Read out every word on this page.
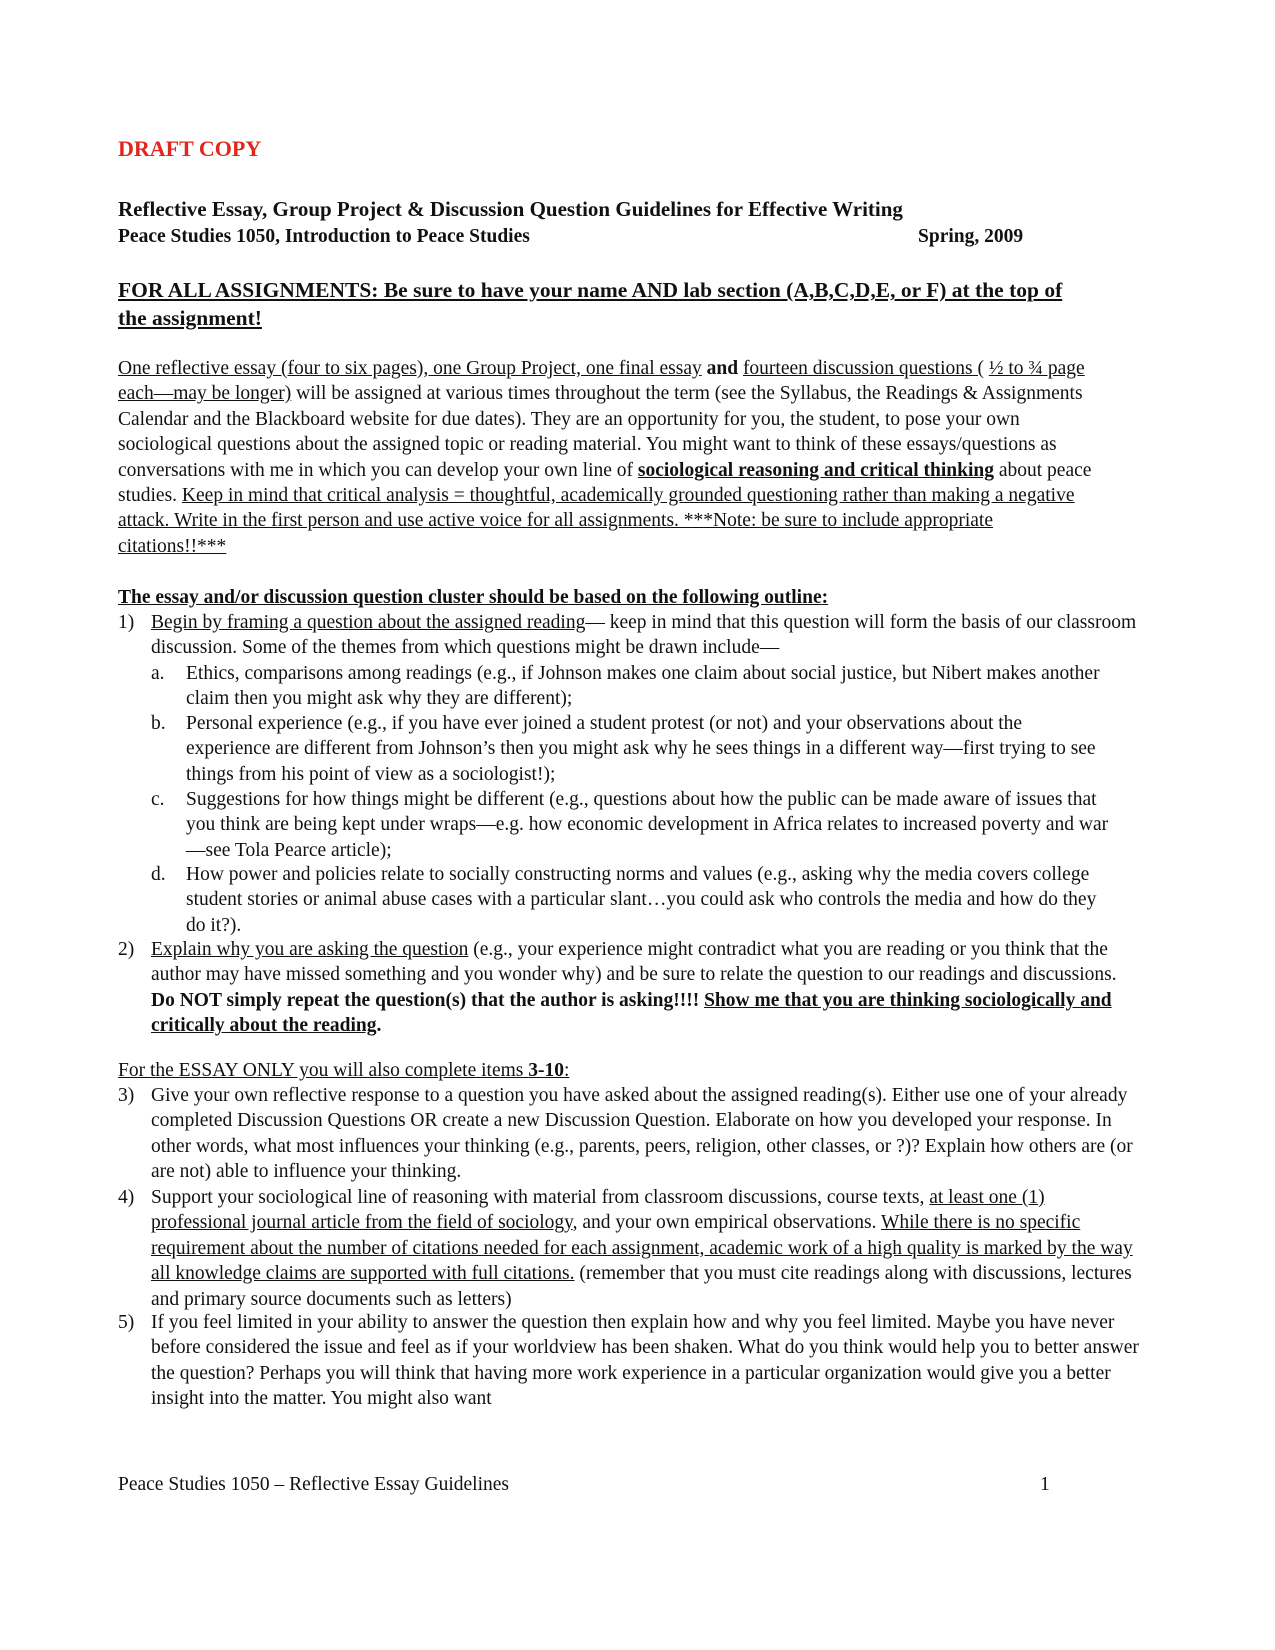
DRAFT COPY
Reflective Essay, Group Project & Discussion Question Guidelines for Effective Writing
Peace Studies 1050, Introduction to Peace Studies	Spring, 2009
FOR ALL ASSIGNMENTS: Be sure to have your name AND lab section (A,B,C,D,E, or F) at the top of the assignment!
One reflective essay (four to six pages), one Group Project, one final essay and fourteen discussion questions ( ½ to ¾ page each—may be longer) will be assigned at various times throughout the term (see the Syllabus, the Readings & Assignments Calendar and the Blackboard website for due dates). They are an opportunity for you, the student, to pose your own sociological questions about the assigned topic or reading material. You might want to think of these essays/questions as conversations with me in which you can develop your own line of sociological reasoning and critical thinking about peace studies. Keep in mind that critical analysis = thoughtful, academically grounded questioning rather than making a negative attack. Write in the first person and use active voice for all assignments. ***Note: be sure to include appropriate citations!!***
The essay and/or discussion question cluster should be based on the following outline:
1) Begin by framing a question about the assigned reading— keep in mind that this question will form the basis of our classroom discussion. Some of the themes from which questions might be drawn include—
a. Ethics, comparisons among readings (e.g., if Johnson makes one claim about social justice, but Nibert makes another claim then you might ask why they are different);
b. Personal experience (e.g., if you have ever joined a student protest (or not) and your observations about the experience are different from Johnson’s then you might ask why he sees things in a different way—first trying to see things from his point of view as a sociologist!);
c. Suggestions for how things might be different (e.g., questions about how the public can be made aware of issues that you think are being kept under wraps—e.g. how economic development in Africa relates to increased poverty and war—see Tola Pearce article);
d. How power and policies relate to socially constructing norms and values (e.g., asking why the media covers college student stories or animal abuse cases with a particular slant…you could ask who controls the media and how do they do it?).
2) Explain why you are asking the question (e.g., your experience might contradict what you are reading or you think that the author may have missed something and you wonder why) and be sure to relate the question to our readings and discussions. Do NOT simply repeat the question(s) that the author is asking!!!! Show me that you are thinking sociologically and critically about the reading.
For the ESSAY ONLY you will also complete items 3-10:
3) Give your own reflective response to a question you have asked about the assigned reading(s). Either use one of your already completed Discussion Questions OR create a new Discussion Question. Elaborate on how you developed your response. In other words, what most influences your thinking (e.g., parents, peers, religion, other classes, or ?)? Explain how others are (or are not) able to influence your thinking.
4) Support your sociological line of reasoning with material from classroom discussions, course texts, at least one (1) professional journal article from the field of sociology, and your own empirical observations. While there is no specific requirement about the number of citations needed for each assignment, academic work of a high quality is marked by the way all knowledge claims are supported with full citations. (remember that you must cite readings along with discussions, lectures and primary source documents such as letters)
5) If you feel limited in your ability to answer the question then explain how and why you feel limited. Maybe you have never before considered the issue and feel as if your worldview has been shaken. What do you think would help you to better answer the question? Perhaps you will think that having more work experience in a particular organization would give you a better insight into the matter. You might also want
Peace Studies 1050 – Reflective Essay Guidelines	1
